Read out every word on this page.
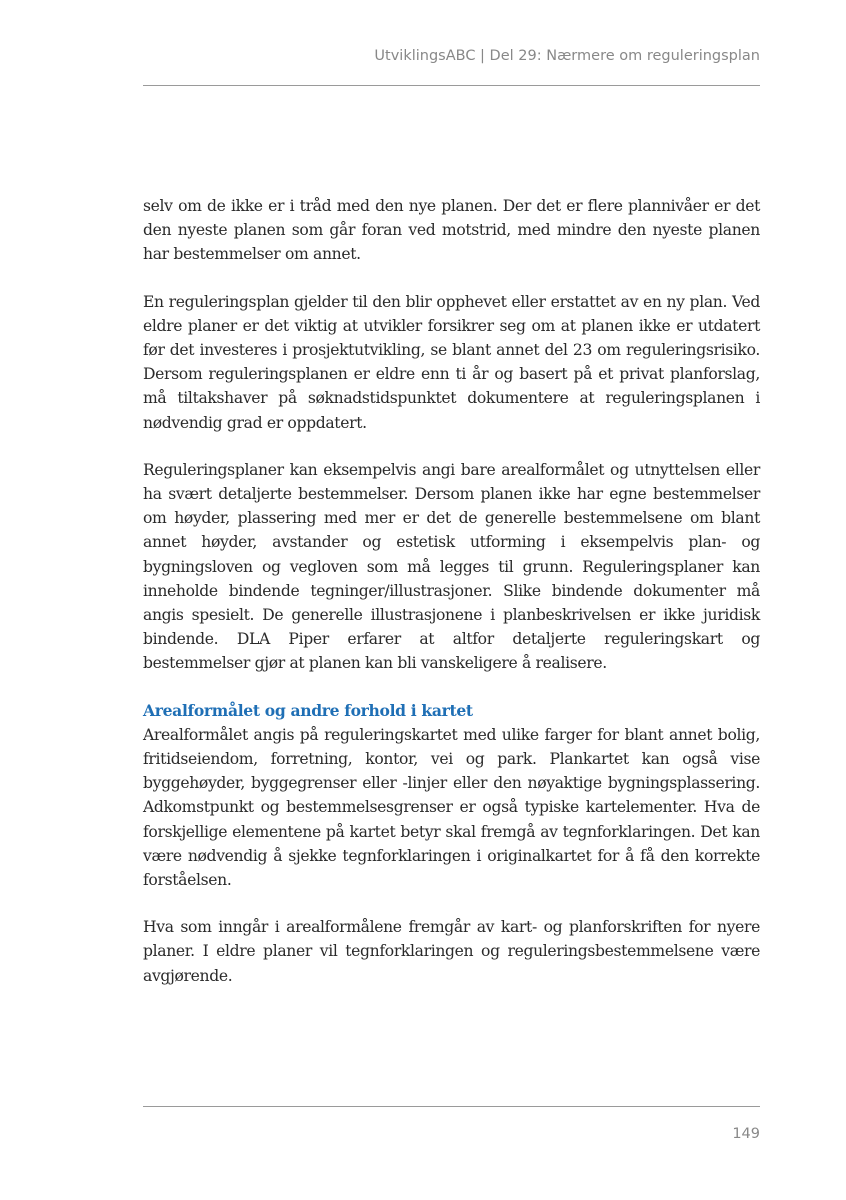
UtviklingsABC | Del 29: Nærmere om reguleringsplan

selv om de ikke er i tråd med den nye planen. Der det er flere plannivåer er det den nyeste planen som går foran ved motstrid, med mindre den nyeste planen har bestemmelser om annet.

En reguleringsplan gjelder til den blir opphevet eller erstattet av en ny plan. Ved eldre planer er det viktig at utvikler forsikrer seg om at planen ikke er utdatert før det investeres i prosjektutvikling, se blant annet del 23 om reguleringsrisiko. Dersom reguleringsplanen er eldre enn ti år og basert på et privat planforslag, må tiltakshaver på søknadstidspunktet dokumentere at reguleringsplanen i nødvendig grad er oppdatert.

Reguleringsplaner kan eksempelvis angi bare arealformålet og utnyttelsen eller ha svært detaljerte bestemmelser. Dersom planen ikke har egne bestemmelser om høyder, plassering med mer er det de generelle bestemmelsene om blant annet høyder, avstander og estetisk utforming i eksempelvis plan- og bygningsloven og vegloven som må legges til grunn. Reguleringsplaner kan inneholde bindende tegninger/illustrasjoner. Slike bindende dokumenter må angis spesielt. De generelle illustrasjonene i planbeskrivelsen er ikke juridisk bindende. DLA Piper erfarer at altfor detaljerte reguleringskart og bestemmelser gjør at planen kan bli vanskeligere å realisere.

Arealformålet og andre forhold i kartet

Arealformålet angis på reguleringskartet med ulike farger for blant annet bolig, fritidseiendom, forretning, kontor, vei og park. Plankartet kan også vise byggehøyder, byggegrenser eller -linjer eller den nøyaktige bygningsplassering. Adkomstpunkt og bestemmelsesgrenser er også typiske kartelementer. Hva de forskjellige elementene på kartet betyr skal fremgå av tegnforklaringen. Det kan være nødvendig å sjekke tegnforklaringen i originalkartet for å få den korrekte forståelsen.

Hva som inngår i arealformålene fremgår av kart- og planforskriften for nyere planer. I eldre planer vil tegnforklaringen og reguleringsbestemmelsene være avgjørende.

149
